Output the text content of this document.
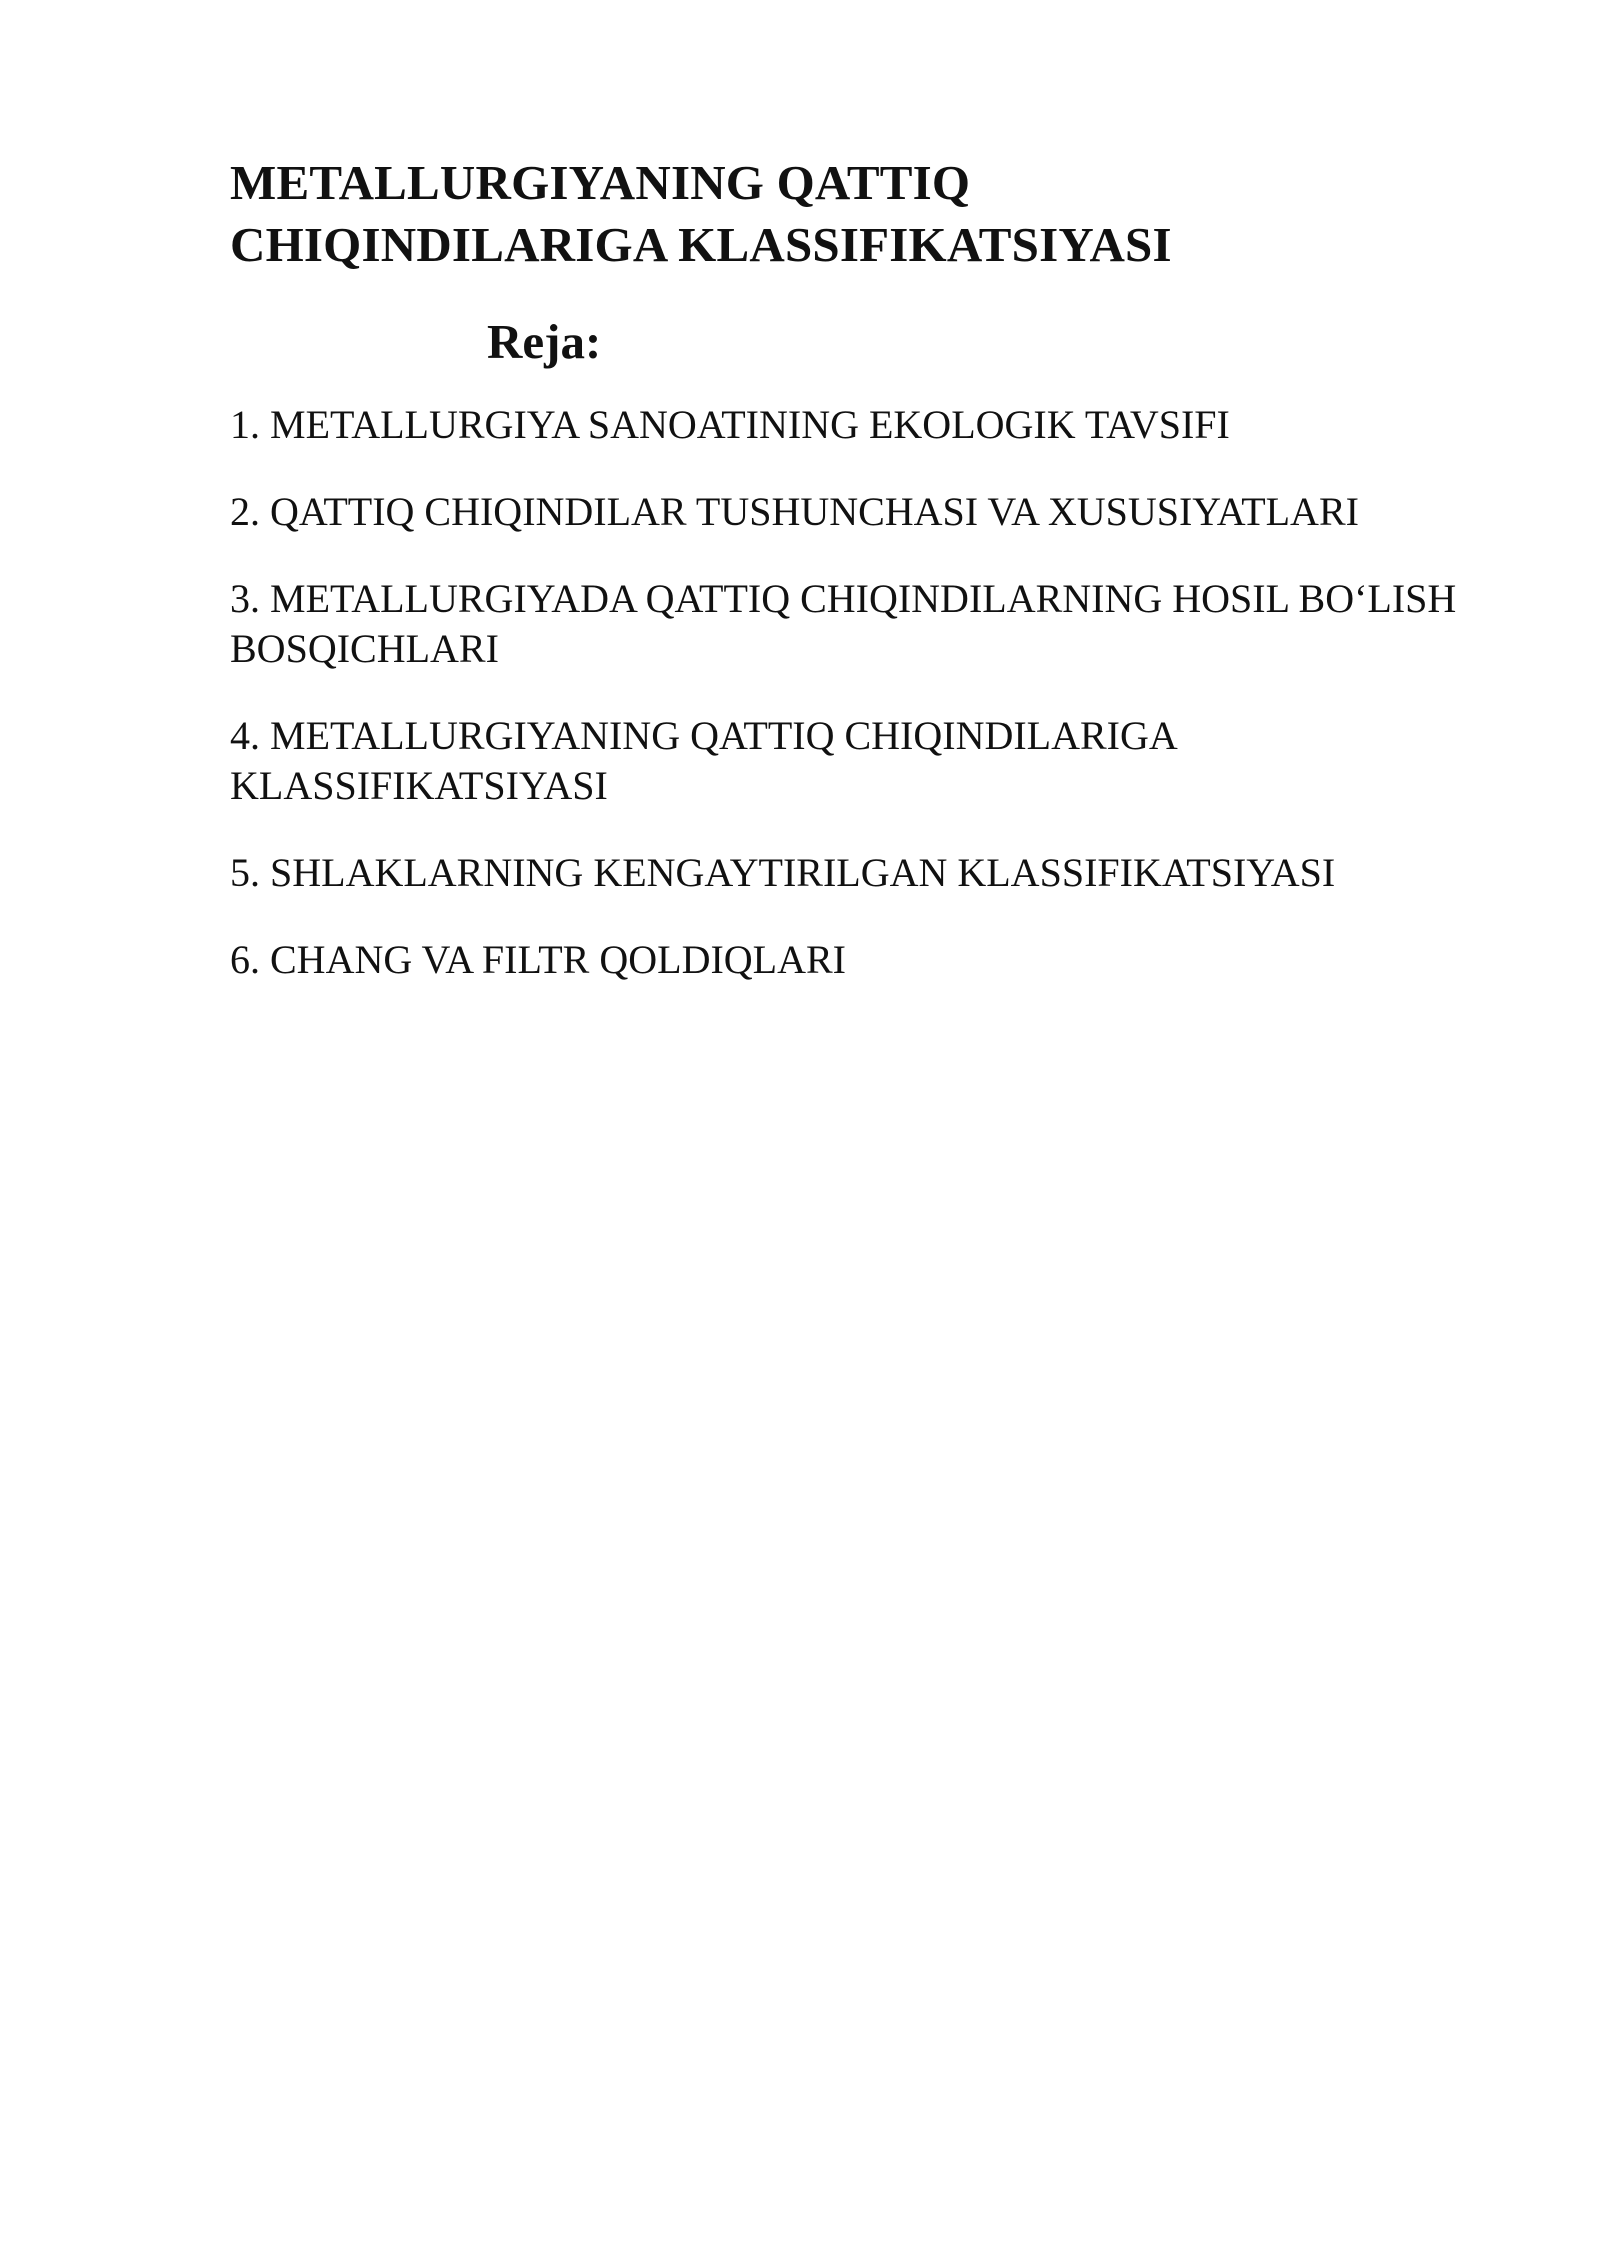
METALLURGIYANING QATTIQ
CHIQINDILARIGA KLASSIFIKATSIYASI
Reja:
1. METALLURGIYA SANOATINING EKOLOGIK TAVSIFI
2. QATTIQ CHIQINDILAR TUSHUNCHASI VA XUSUSIYATLARI
3. METALLURGIYADA QATTIQ CHIQINDILARNING HOSIL BO‘LISH BOSQICHLARI
4. METALLURGIYANING QATTIQ CHIQINDILARIGA KLASSIFIKATSIYASI
5. SHLAKLARNING KENGAYTIRILGAN KLASSIFIKATSIYASI
6. CHANG VA FILTR QOLDIQLARI
